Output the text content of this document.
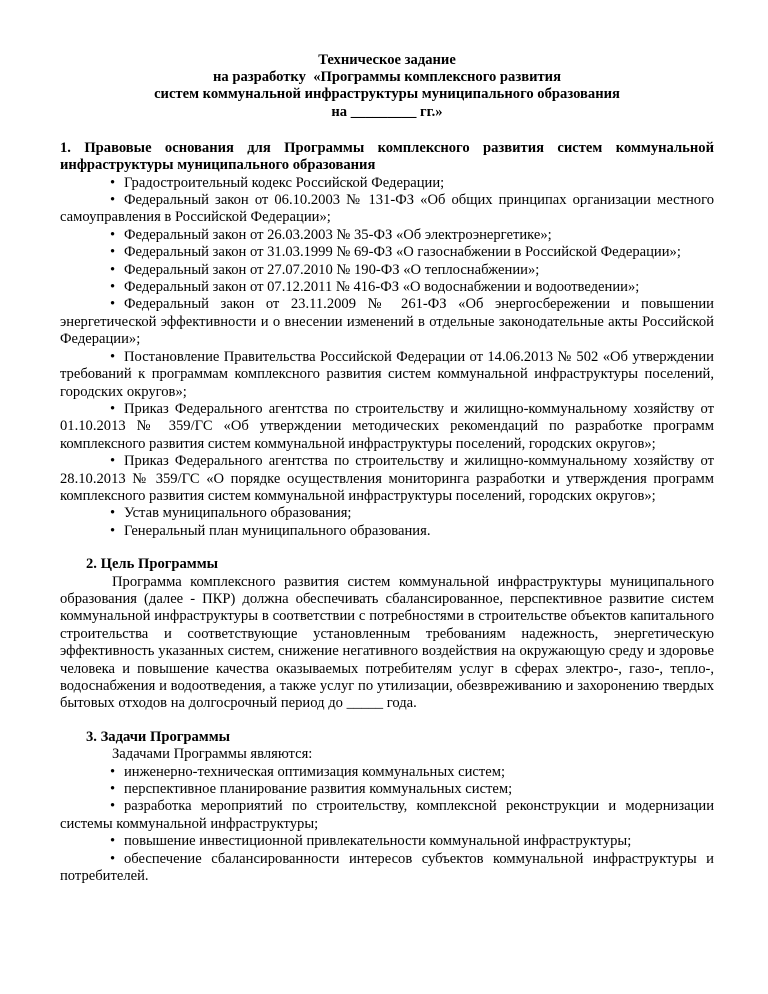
Техническое задание
на разработку  «Программы комплексного развития
систем коммунальной инфраструктуры муниципального образования
на _________ гг.»

1. Правовые основания для Программы комплексного развития систем коммунальной инфраструктуры муниципального образования

• Градостроительный кодекс Российской Федерации;

• Федеральный закон от 06.10.2003 № 131-ФЗ «Об общих принципах организации местного самоуправления в Российской Федерации»;

• Федеральный закон от 26.03.2003 № 35-ФЗ «Об электроэнергетике»;

• Федеральный закон от 31.03.1999 № 69-ФЗ «О газоснабжении в Российской Федерации»;

• Федеральный закон от 27.07.2010 № 190-ФЗ «О теплоснабжении»;

• Федеральный закон от 07.12.2011 № 416-ФЗ «О водоснабжении и водоотведении»;

• Федеральный закон от 23.11.2009 № 261-ФЗ «Об энергосбережении и повышении энергетической эффективности и о внесении изменений в отдельные законодательные акты Российской Федерации»;

• Постановление Правительства Российской Федерации от 14.06.2013 № 502 «Об утверждении требований к программам комплексного развития систем коммунальной инфраструктуры поселений, городских округов»;

• Приказ Федерального агентства по строительству и жилищно-коммунальному хозяйству от 01.10.2013 № 359/ГС «Об утверждении методических рекомендаций по разработке программ комплексного развития систем коммунальной инфраструктуры поселений, городских округов»;

• Приказ Федерального агентства по строительству и жилищно-коммунальному хозяйству от 28.10.2013 № 359/ГС «О порядке осуществления мониторинга разработки и утверждения программ комплексного развития систем коммунальной инфраструктуры поселений, городских округов»;

• Устав муниципального образования;

• Генеральный план муниципального образования.

2. Цель Программы

Программа комплексного развития систем коммунальной инфраструктуры муниципального образования (далее - ПКР) должна обеспечивать сбалансированное, перспективное развитие систем коммунальной инфраструктуры в соответствии с потребностями в строительстве объектов капитального строительства и соответствующие установленным требованиям надежность, энергетическую эффективность указанных систем, снижение негативного воздействия на окружающую среду и здоровье человека и повышение качества оказываемых потребителям услуг в сферах электро-, газо-, тепло-, водоснабжения и водоотведения, а также услуг по утилизации, обезвреживанию и захоронению твердых бытовых отходов на долгосрочный период до _____ года.

3. Задачи Программы

Задачами Программы являются:

• инженерно-техническая оптимизация коммунальных систем;

• перспективное планирование развития коммунальных систем;

• разработка мероприятий по строительству, комплексной реконструкции и модернизации системы коммунальной инфраструктуры;

• повышение инвестиционной привлекательности коммунальной инфраструктуры;

• обеспечение сбалансированности интересов субъектов коммунальной инфраструктуры и потребителей.
